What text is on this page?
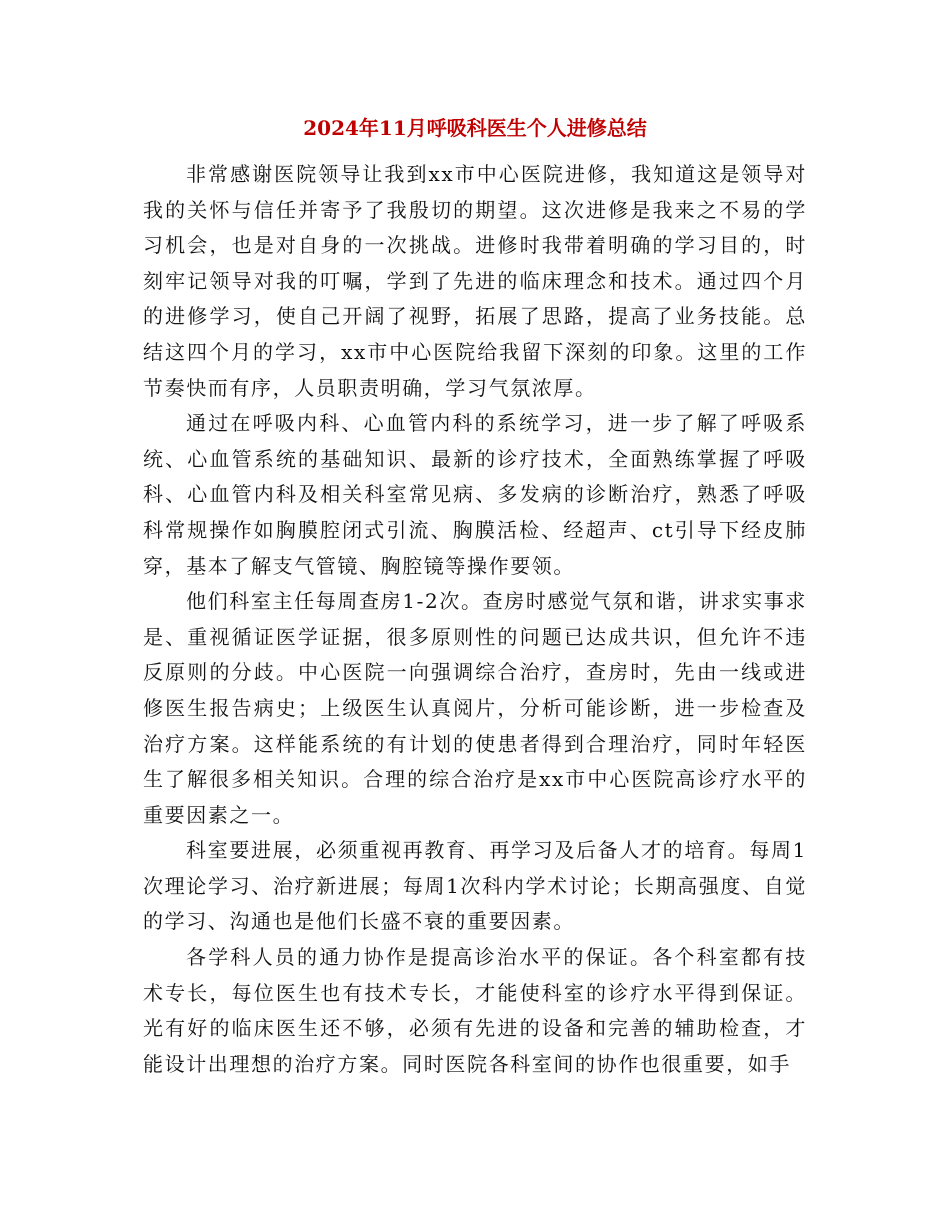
2024年11月呼吸科医生个人进修总结

非常感谢医院领导让我到xx市中心医院进修，我知道这是领导对我的关怀与信任并寄予了我殷切的期望。这次进修是我来之不易的学习机会，也是对自身的一次挑战。进修时我带着明确的学习目的，时刻牢记领导对我的叮嘱，学到了先进的临床理念和技术。通过四个月的进修学习，使自己开阔了视野，拓展了思路，提高了业务技能。总结这四个月的学习，xx市中心医院给我留下深刻的印象。这里的工作节奏快而有序，人员职责明确，学习气氛浓厚。

通过在呼吸内科、心血管内科的系统学习，进一步了解了呼吸系统、心血管系统的基础知识、最新的诊疗技术，全面熟练掌握了呼吸科、心血管内科及相关科室常见病、多发病的诊断治疗，熟悉了呼吸科常规操作如胸膜腔闭式引流、胸膜活检、经超声、ct引导下经皮肺穿，基本了解支气管镜、胸腔镜等操作要领。

他们科室主任每周查房1-2次。查房时感觉气氛和谐，讲求实事求是、重视循证医学证据，很多原则性的问题已达成共识，但允许不违反原则的分歧。中心医院一向强调综合治疗，查房时，先由一线或进修医生报告病史；上级医生认真阅片，分析可能诊断，进一步检查及治疗方案。这样能系统的有计划的使患者得到合理治疗，同时年轻医生了解很多相关知识。合理的综合治疗是xx市中心医院高诊疗水平的重要因素之一。

科室要进展，必须重视再教育、再学习及后备人才的培育。每周1次理论学习、治疗新进展；每周1次科内学术讨论；长期高强度、自觉的学习、沟通也是他们长盛不衰的重要因素。

各学科人员的通力协作是提高诊治水平的保证。各个科室都有技术专长，每位医生也有技术专长，才能使科室的诊疗水平得到保证。光有好的临床医生还不够，必须有先进的设备和完善的辅助检查，才能设计出理想的治疗方案。同时医院各科室间的协作也很重要，如手
